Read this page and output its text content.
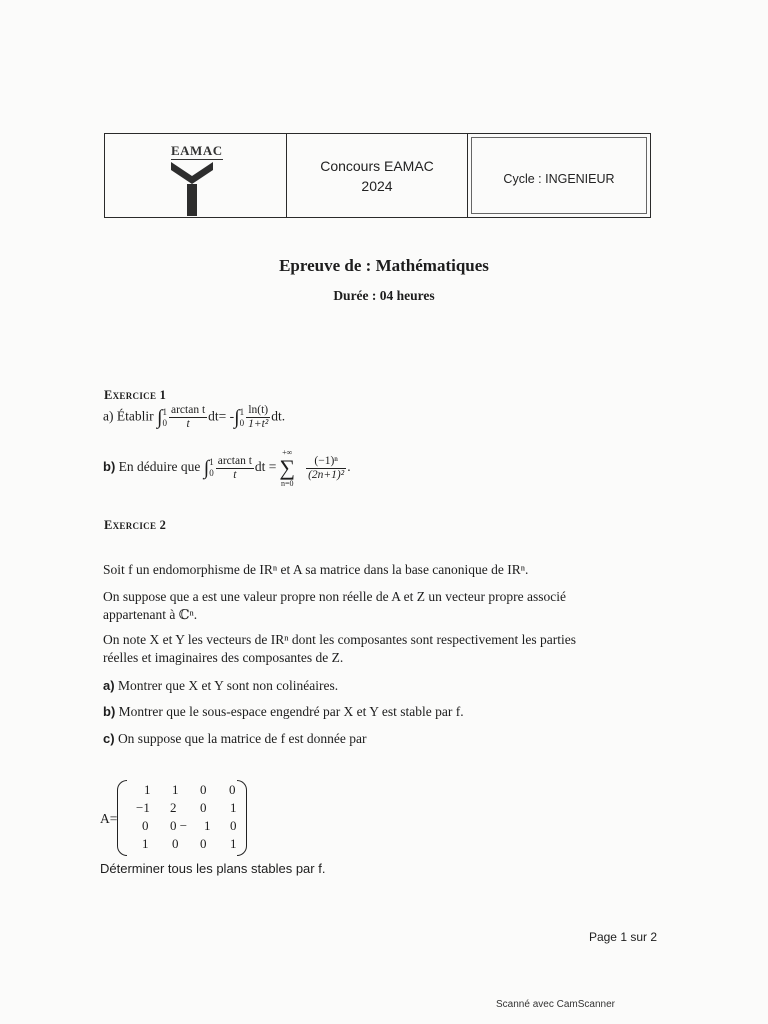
EAMAC
Concours EAMAC
2024	Cycle : INGENIEUR
Epreuve de : Mathématiques
Durée : 04 heures
Exercice 1
a) Établir ∫1
$0 \frac{\text{arctan t}}{t} dt= -\int 1$
$0 \frac{\ln(t)}{\text{1+t²}}$ dt.
b) En déduire que ∫1
$0 \frac{\text{arctan t}}{t}$ dt =+∞
∑
n=0
$\frac{\text{(−1)ⁿ}}{\text{(2n+1)²}}$ .
Exercice 2
Soit f un endomorphisme de IRⁿ et A sa matrice dans la base canonique de IRⁿ.
On suppose que a est une valeur propre non réelle de A et Z un vecteur propre associé
appartenant à ℂⁿ.
On note X et Y les vecteurs de IRⁿ dont les composantes sont respectivement les parties
réelles et imaginaires des composantes de Z.
a) Montrer que X et Y sont non colinéaires.
b) Montrer que le sous-espace engendré par X et Y est stable par f.
c) On suppose que la matrice de f est donnée par
A=
1 1 0 0
−1 2 0 1
0 0 − 1 0
1 0 0 1
Déterminer tous les plans stables par f.
Page 1 sur 2
Scanné avec CamScanner
